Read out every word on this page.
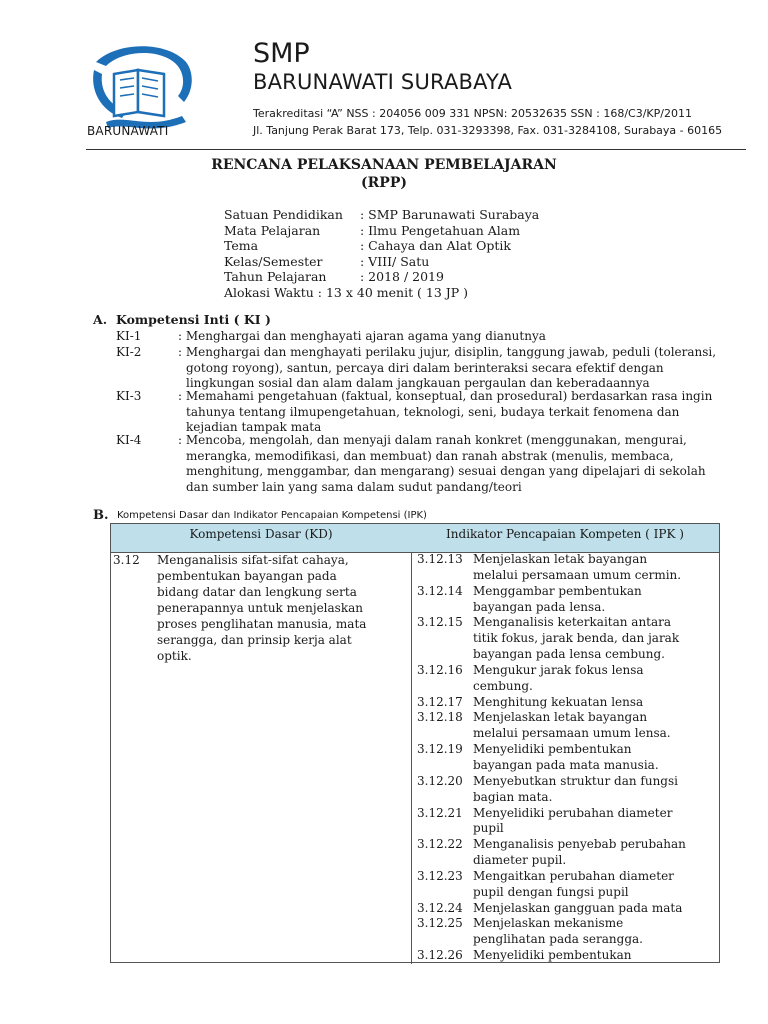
BARUNAWATI
SMP
BARUNAWATI SURABAYA
Terakreditasi “A” NSS : 204056 009 331 NPSN: 20532635 SSN : 168/C3/KP/2011
Jl. Tanjung Perak Barat 173, Telp. 031-3293398, Fax. 031-3284108, Surabaya - 60165
RENCANA PELAKSANAAN PEMBELAJARAN
(RPP)
Satuan Pendidikan	: SMP Barunawati Surabaya
Mata Pelajaran	: Ilmu Pengetahuan Alam
Tema	: Cahaya dan Alat Optik
Kelas/Semester	: VIII/ Satu
Tahun Pelajaran	: 2018 / 2019
Alokasi Waktu : 13 x 40 menit ( 13 JP )
A. Kompetensi Inti ( KI )
KI-1	: Menghargai dan menghayati ajaran agama yang dianutnya
KI-2	: Menghargai dan menghayati perilaku jujur, disiplin, tanggung jawab, peduli (toleransi,
gotong royong), santun, percaya diri dalam berinteraksi secara efektif dengan
lingkungan sosial dan alam dalam jangkauan pergaulan dan keberadaannya
KI-3	: Memahami pengetahuan (faktual, konseptual, dan prosedural) berdasarkan rasa ingin
tahunya tentang ilmupengetahuan, teknologi, seni, budaya terkait fenomena dan
kejadian tampak mata
KI-4	: Mencoba, mengolah, dan menyaji dalam ranah konkret (menggunakan, mengurai,
merangka, memodifikasi, dan membuat) dan ranah abstrak (menulis, membaca,
menghitung, menggambar, dan mengarang) sesuai dengan yang dipelajari di sekolah
dan sumber lain yang sama dalam sudut pandang/teori
B. Kompetensi Dasar dan Indikator Pencapaian Kompetensi (IPK)
Kompetensi Dasar (KD)	Indikator Pencapaian Kompeten ( IPK )
3.12 Menganalisis sifat-sifat cahaya,
pembentukan bayangan pada
bidang datar dan lengkung serta
penerapannya untuk menjelaskan
proses penglihatan manusia, mata
serangga, dan prinsip kerja alat
optik.
3.12.13 Menjelaskan letak bayangan
melalui persamaan umum cermin.
3.12.14 Menggambar pembentukan
bayangan pada lensa.
3.12.15 Menganalisis keterkaitan antara
titik fokus, jarak benda, dan jarak
bayangan pada lensa cembung.
3.12.16 Mengukur jarak fokus lensa
cembung.
3.12.17 Menghitung kekuatan lensa
3.12.18 Menjelaskan letak bayangan
melalui persamaan umum lensa.
3.12.19 Menyelidiki pembentukan
bayangan pada mata manusia.
3.12.20 Menyebutkan struktur dan fungsi
bagian mata.
3.12.21 Menyelidiki perubahan diameter
pupil
3.12.22 Menganalisis penyebab perubahan
diameter pupil.
3.12.23 Mengaitkan perubahan diameter
pupil dengan fungsi pupil
3.12.24 Menjelaskan gangguan pada mata
3.12.25 Menjelaskan mekanisme
penglihatan pada serangga.
3.12.26 Menyelidiki pembentukan
